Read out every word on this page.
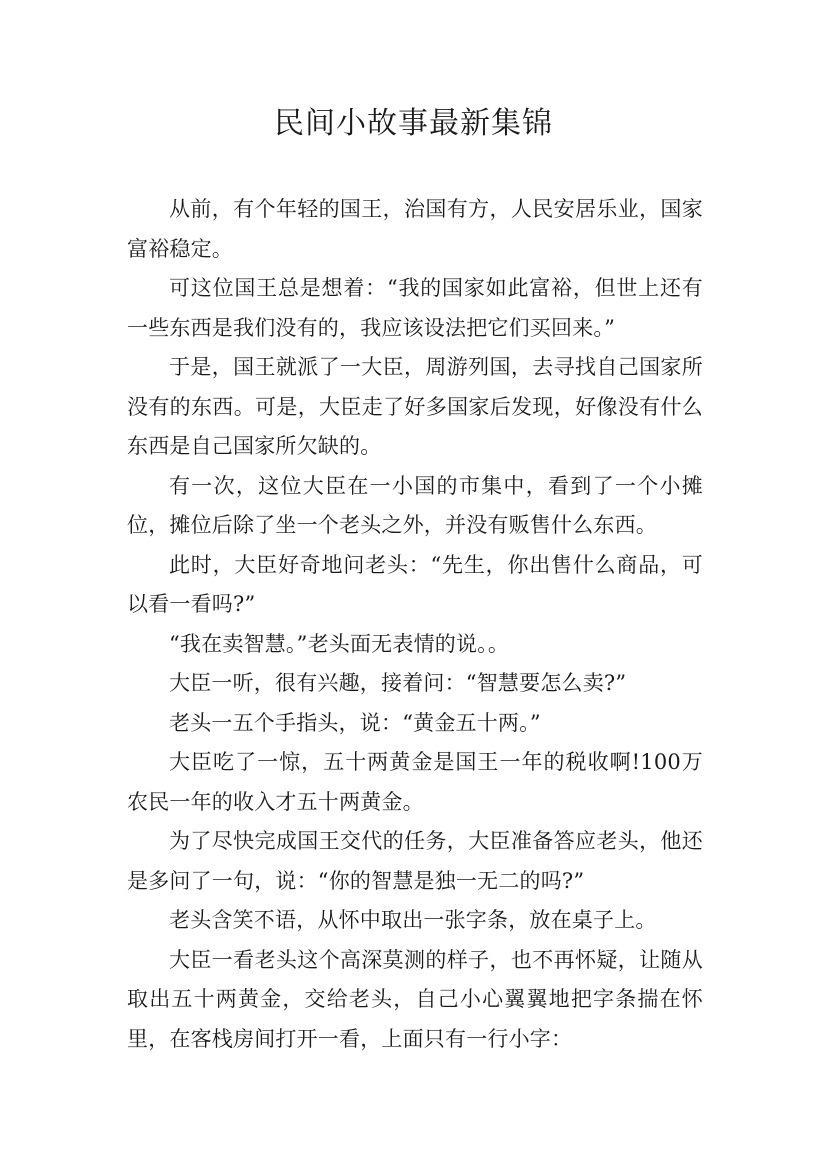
民间小故事最新集锦

从前，有个年轻的国王，治国有方，人民安居乐业，国家富裕稳定。

可这位国王总是想着：“我的国家如此富裕，但世上还有一些东西是我们没有的，我应该设法把它们买回来。”

于是，国王就派了一大臣，周游列国，去寻找自己国家所没有的东西。可是，大臣走了好多国家后发现，好像没有什么东西是自己国家所欠缺的。

有一次，这位大臣在一小国的市集中，看到了一个小摊位，摊位后除了坐一个老头之外，并没有贩售什么东西。

此时，大臣好奇地问老头：“先生，你出售什么商品，可以看一看吗?”

“我在卖智慧。”老头面无表情的说。。

大臣一听，很有兴趣，接着问：“智慧要怎么卖?”

老头一五个手指头，说：“黄金五十两。”

大臣吃了一惊，五十两黄金是国王一年的税收啊!100万农民一年的收入才五十两黄金。

为了尽快完成国王交代的任务，大臣准备答应老头，他还是多问了一句，说：“你的智慧是独一无二的吗?”

老头含笑不语，从怀中取出一张字条，放在桌子上。

大臣一看老头这个高深莫测的样子，也不再怀疑，让随从取出五十两黄金，交给老头，自己小心翼翼地把字条揣在怀里，在客栈房间打开一看，上面只有一行小字：
